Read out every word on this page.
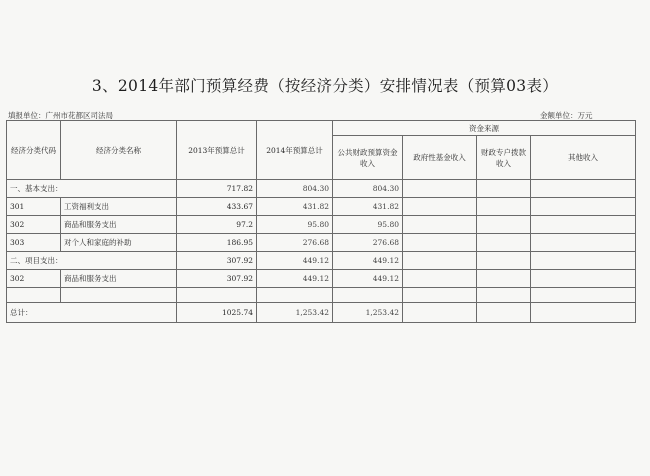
3、2014年部门预算经费（按经济分类）安排情况表（预算03表）
填报单位：广州市花都区司法局	金额单位：万元
经济分类代码	经济分类名称	2013年预算总计	2014年预算总计	资金来源			
				公共财政预算资金收入	政府性基金收入	财政专户拨款收入	其他收入
一、基本支出：		717.82	804.30	804.30			
301	工资福利支出	433.67	431.82	431.82			
302	商品和服务支出	97.2	95.80	95.80			
303	对个人和家庭的补助	186.95	276.68	276.68			
二、项目支出：		307.92	449.12	449.12			
302	商品和服务支出	307.92	449.12	449.12			

总计：		1025.74	1,253.42	1,253.42			
